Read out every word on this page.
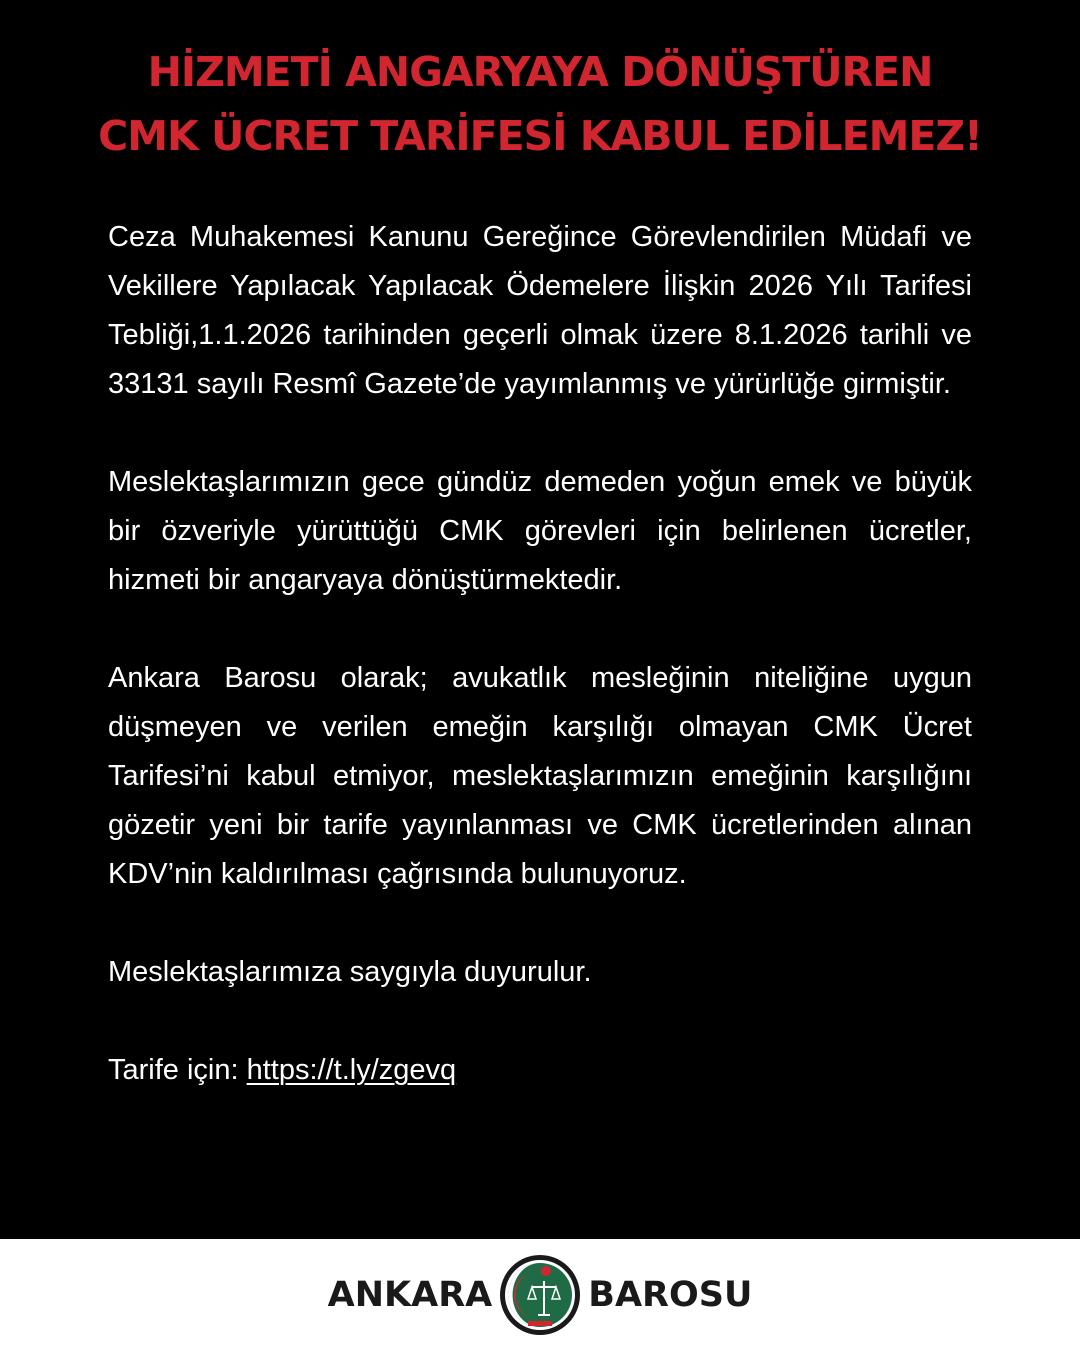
HİZMETİ ANGARYAYA DÖNÜŞTÜREN
CMK ÜCRET TARİFESİ KABUL EDİLEMEZ!

Ceza Muhakemesi Kanunu Gereğince Görevlendirilen Müdafi ve Vekillere Yapılacak Yapılacak Ödemelere İlişkin 2026 Yılı Tarifesi Tebliği,1.1.2026 tarihinden geçerli olmak üzere 8.1.2026 tarihli ve 33131 sayılı Resmî Gazete’de yayımlanmış ve yürürlüğe girmiştir.

Meslektaşlarımızın gece gündüz demeden yoğun emek ve büyük bir özveriyle yürüttüğü CMK görevleri için belirlenen ücretler, hizmeti bir angaryaya dönüştürmektedir.

Ankara Barosu olarak; avukatlık mesleğinin niteliğine uygun düşmeyen ve verilen emeğin karşılığı olmayan CMK Ücret Tarifesi’ni kabul etmiyor, meslektaşlarımızın emeğinin karşılığını gözetir yeni bir tarife yayınlanması ve CMK ücretlerinden alınan KDV’nin kaldırılması çağrısında bulunuyoruz.

Meslektaşlarımıza saygıyla duyurulur.

Tarife için: https://t.ly/zgevq

ANKARA	BAROSU
